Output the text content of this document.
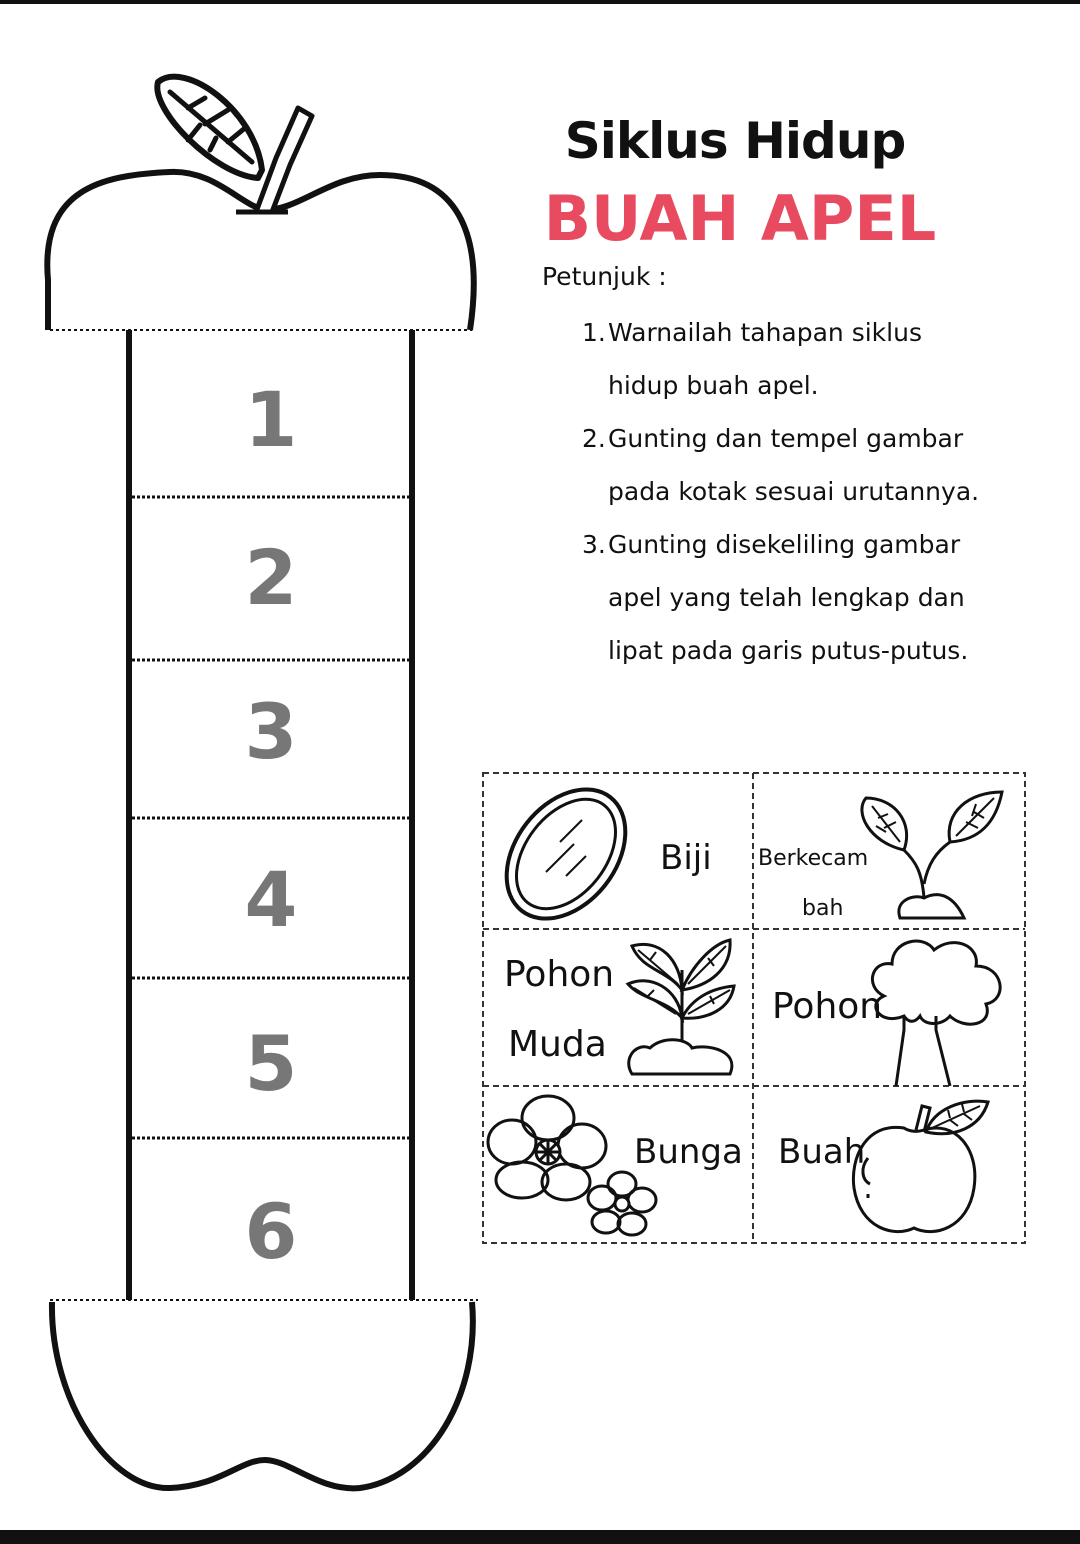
1
2
3
4
5
6
Siklus Hidup
BUAH APEL
Petunjuk :
1. Warnailah tahapan siklus hidup buah apel.
2. Gunting dan tempel gambar pada kotak sesuai urutannya.
3. Gunting disekeliling gambar apel yang telah lengkap dan lipat pada garis putus-putus.
Biji Berkecam
bah
Pohon
Muda
Pohon
Bunga Buah
